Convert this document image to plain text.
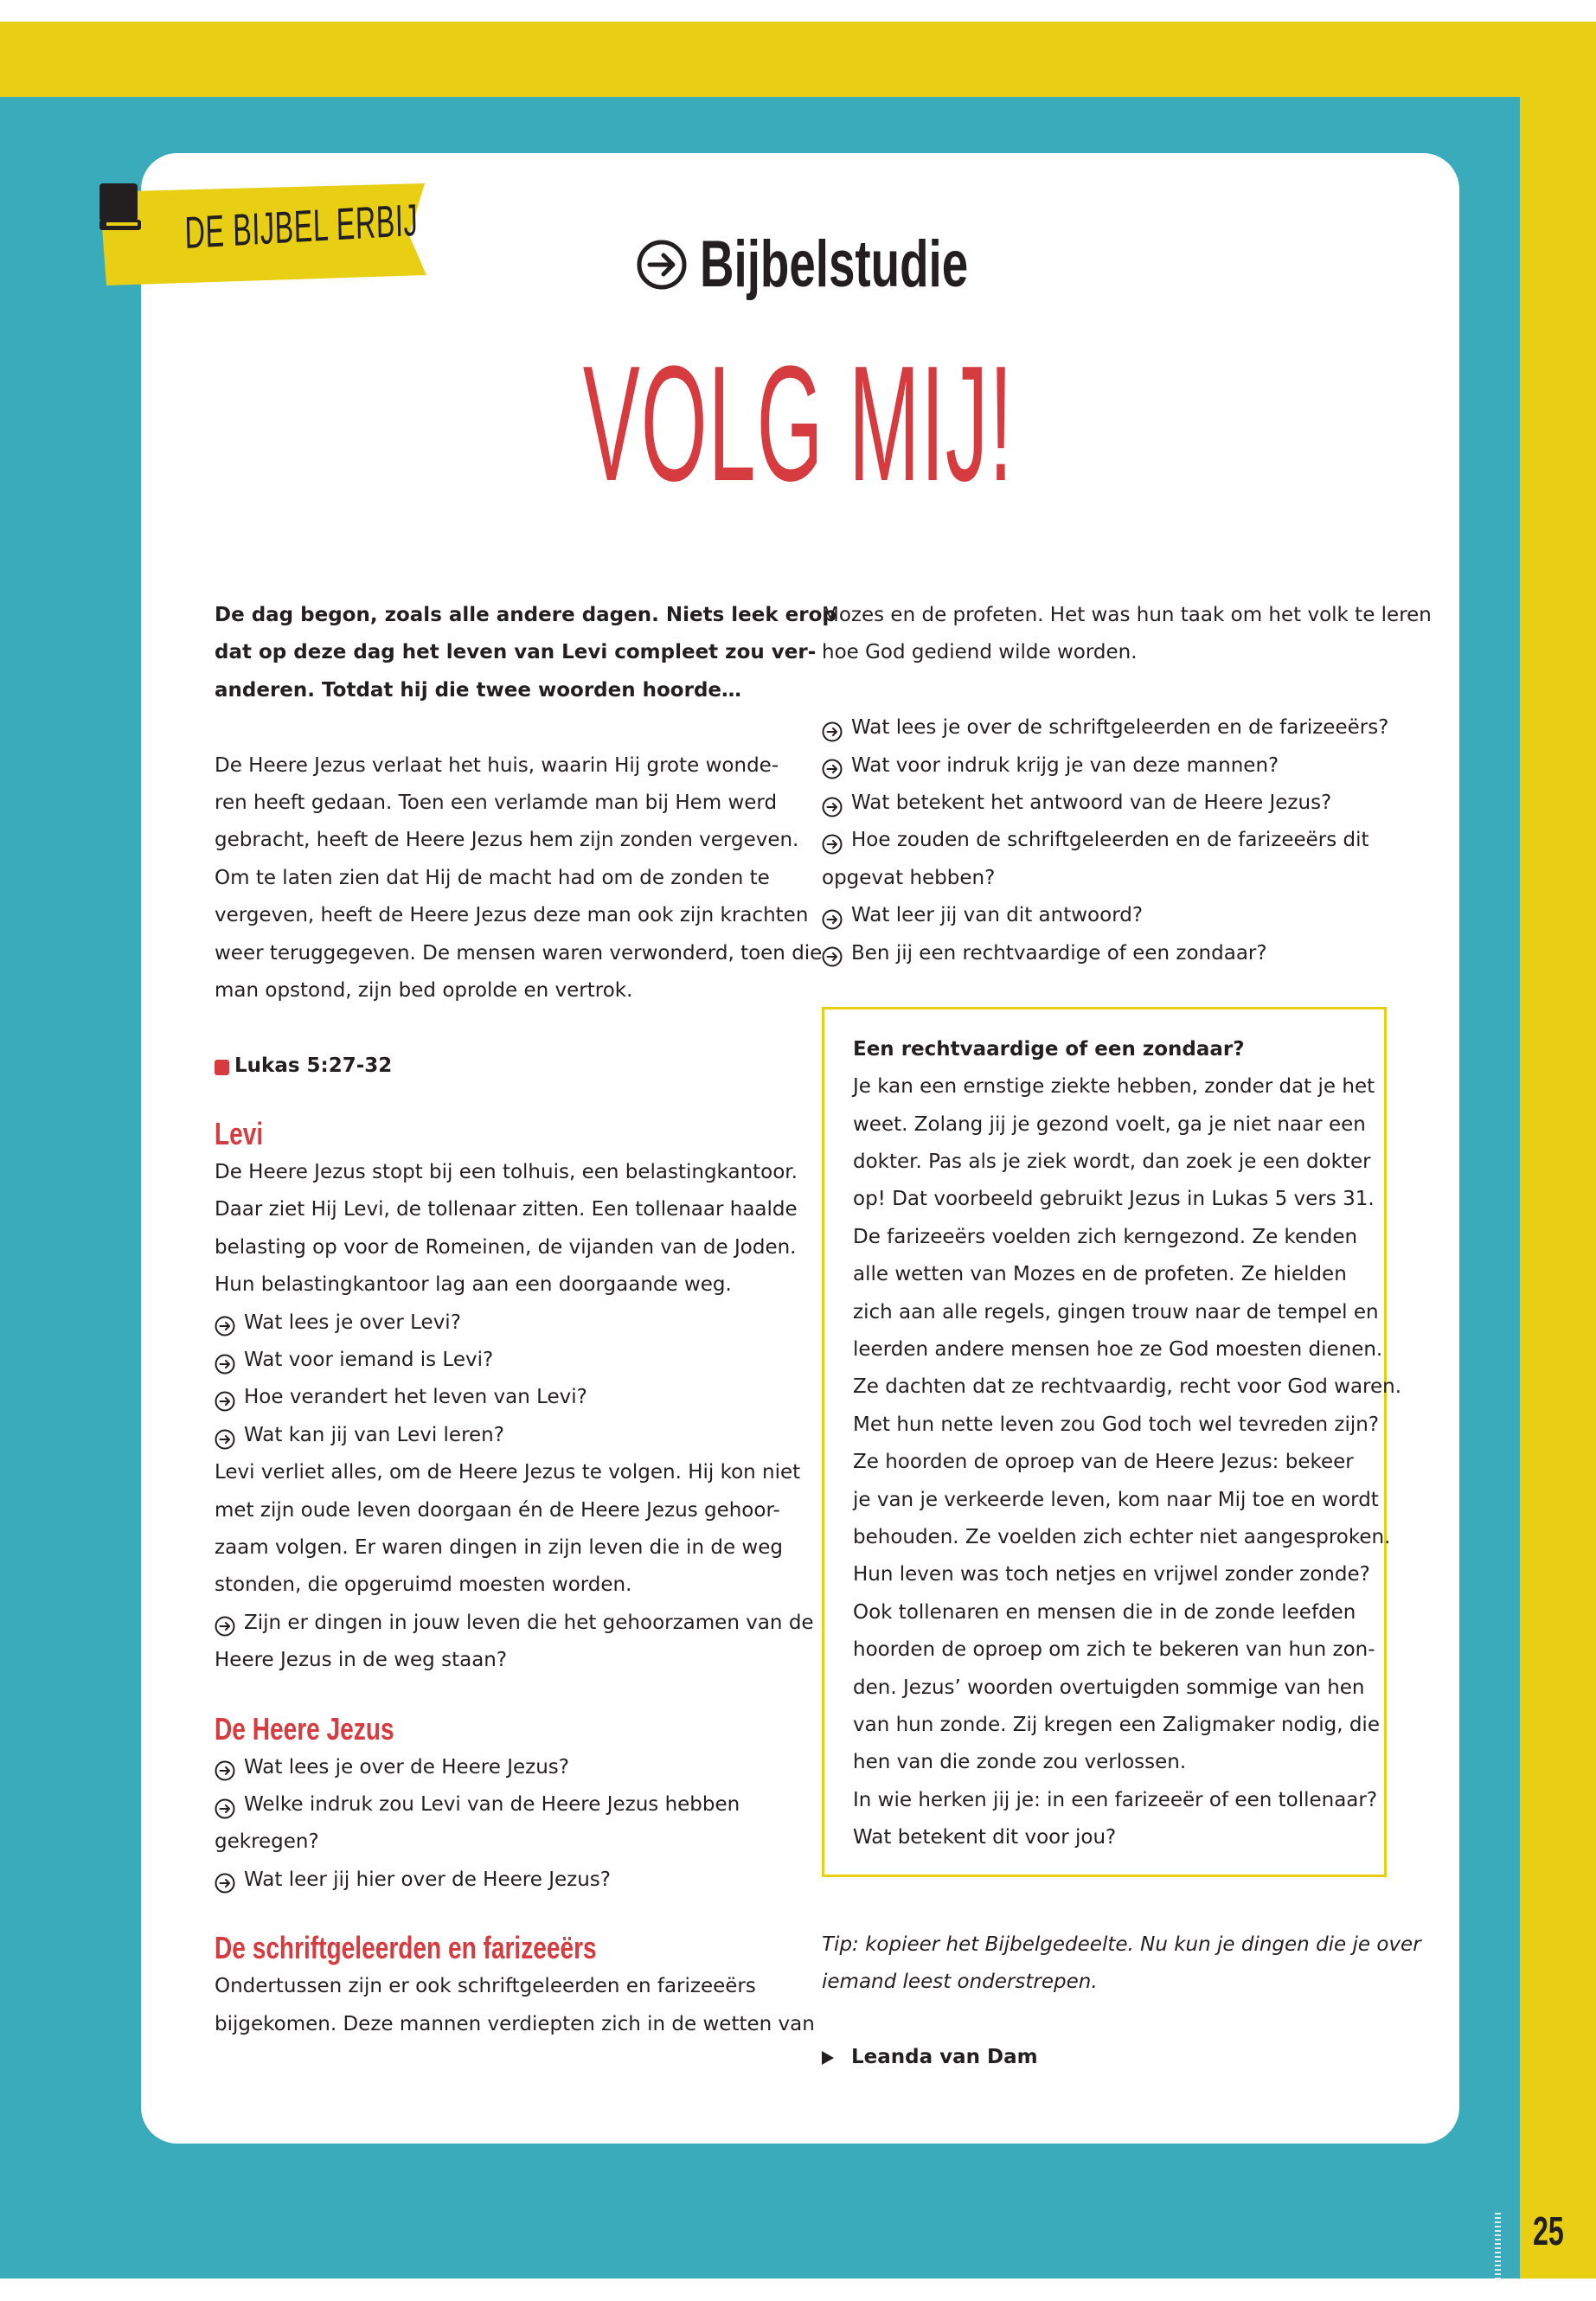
DE BIJBEL ERBIJ
Bijbelstudie
VOLG MIJ!
De dag begon, zoals alle andere dagen. Niets leek erop
dat op deze dag het leven van Levi compleet zou ver-
anderen. Totdat hij die twee woorden hoorde…
De Heere Jezus verlaat het huis, waarin Hij grote wonde-
ren heeft gedaan. Toen een verlamde man bij Hem werd
gebracht, heeft de Heere Jezus hem zijn zonden vergeven.
Om te laten zien dat Hij de macht had om de zonden te
vergeven, heeft de Heere Jezus deze man ook zijn krachten
weer teruggegeven. De mensen waren verwonderd, toen die
man opstond, zijn bed oprolde en vertrok.
Lukas 5:27-32
Levi
De Heere Jezus stopt bij een tolhuis, een belastingkantoor.
Daar ziet Hij Levi, de tollenaar zitten. Een tollenaar haalde
belasting op voor de Romeinen, de vijanden van de Joden.
Hun belastingkantoor lag aan een doorgaande weg.
Wat lees je over Levi?
Wat voor iemand is Levi?
Hoe verandert het leven van Levi?
Wat kan jij van Levi leren?
Levi verliet alles, om de Heere Jezus te volgen. Hij kon niet
met zijn oude leven doorgaan én de Heere Jezus gehoor-
zaam volgen. Er waren dingen in zijn leven die in de weg
stonden, die opgeruimd moesten worden.
Zijn er dingen in jouw leven die het gehoorzamen van de
Heere Jezus in de weg staan?
De Heere Jezus
Wat lees je over de Heere Jezus?
Welke indruk zou Levi van de Heere Jezus hebben
gekregen?
Wat leer jij hier over de Heere Jezus?
De schriftgeleerden en farizeeërs
Ondertussen zijn er ook schriftgeleerden en farizeeërs
bijgekomen. Deze mannen verdiepten zich in de wetten van
Mozes en de profeten. Het was hun taak om het volk te leren
hoe God gediend wilde worden.
Wat lees je over de schriftgeleerden en de farizeeërs?
Wat voor indruk krijg je van deze mannen?
Wat betekent het antwoord van de Heere Jezus?
Hoe zouden de schriftgeleerden en de farizeeërs dit
opgevat hebben?
Wat leer jij van dit antwoord?
Ben jij een rechtvaardige of een zondaar?
Een rechtvaardige of een zondaar?
Je kan een ernstige ziekte hebben, zonder dat je het
weet. Zolang jij je gezond voelt, ga je niet naar een
dokter. Pas als je ziek wordt, dan zoek je een dokter
op! Dat voorbeeld gebruikt Jezus in Lukas 5 vers 31.
De farizeeërs voelden zich kerngezond. Ze kenden
alle wetten van Mozes en de profeten. Ze hielden
zich aan alle regels, gingen trouw naar de tempel en
leerden andere mensen hoe ze God moesten dienen.
Ze dachten dat ze rechtvaardig, recht voor God waren.
Met hun nette leven zou God toch wel tevreden zijn?
Ze hoorden de oproep van de Heere Jezus: bekeer
je van je verkeerde leven, kom naar Mij toe en wordt
behouden. Ze voelden zich echter niet aangesproken.
Hun leven was toch netjes en vrijwel zonder zonde?
Ook tollenaren en mensen die in de zonde leefden
hoorden de oproep om zich te bekeren van hun zon-
den. Jezus’ woorden overtuigden sommige van hen
van hun zonde. Zij kregen een Zaligmaker nodig, die
hen van die zonde zou verlossen.
In wie herken jij je: in een farizeeër of een tollenaar?
Wat betekent dit voor jou?
Tip: kopieer het Bijbelgedeelte. Nu kun je dingen die je over
iemand leest onderstrepen.
Leanda van Dam
25
